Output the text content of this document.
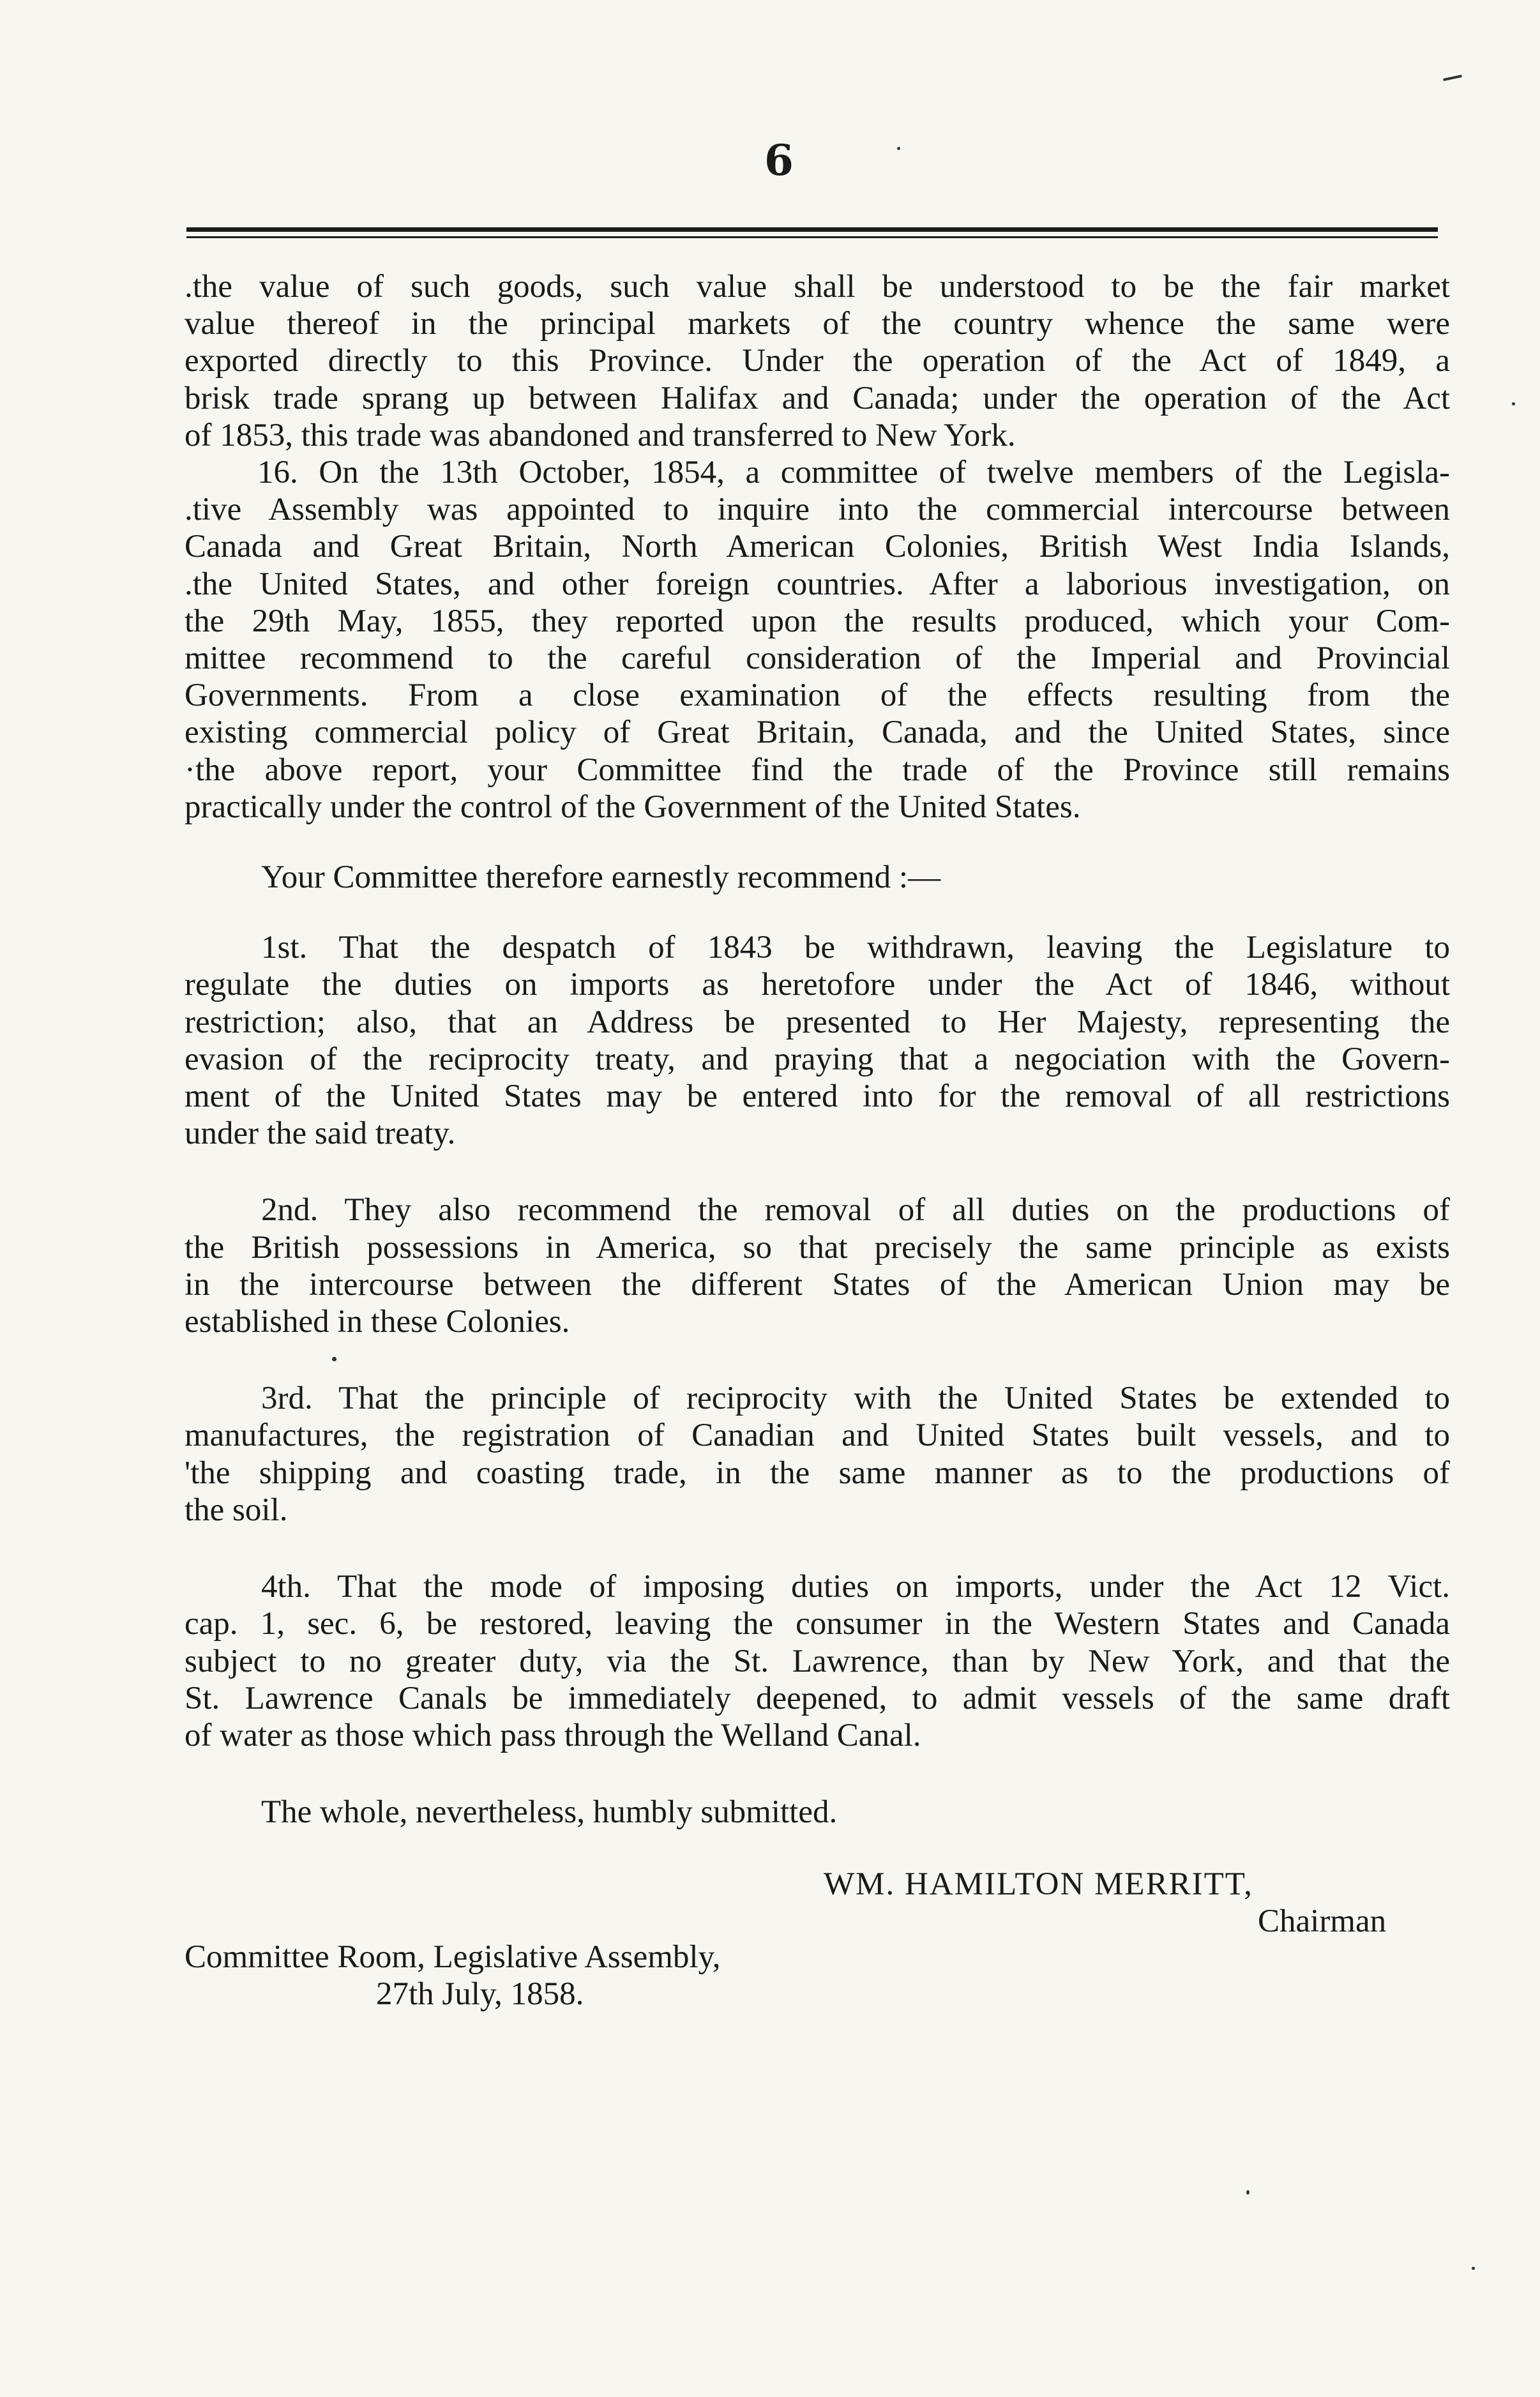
6
.the value of such goods, such value shall be understood to be the fair market
value thereof in the principal markets of the country whence the same were
exported directly to this Province. Under the operation of the Act of 1849, a
brisk trade sprang up between Halifax and Canada; under the operation of the Act
of 1853, this trade was abandoned and transferred to New York.
16. On the 13th October, 1854, a committee of twelve members of the Legisla-
.tive Assembly was appointed to inquire into the commercial intercourse between
Canada and Great Britain, North American Colonies, British West India Islands,
.the United States, and other foreign countries. After a laborious investigation, on
the 29th May, 1855, they reported upon the results produced, which your Com-
mittee recommend to the careful consideration of the Imperial and Provincial
Governments. From a close examination of the effects resulting from the
existing commercial policy of Great Britain, Canada, and the United States, since
·the above report, your Committee find the trade of the Province still remains
practically under the control of the Government of the United States.
Your Committee therefore earnestly recommend :—
1st. That the despatch of 1843 be withdrawn, leaving the Legislature to
regulate the duties on imports as heretofore under the Act of 1846, without
restriction; also, that an Address be presented to Her Majesty, representing the
evasion of the reciprocity treaty, and praying that a negociation with the Govern-
ment of the United States may be entered into for the removal of all restrictions
under the said treaty.
2nd. They also recommend the removal of all duties on the productions of
the British possessions in America, so that precisely the same principle as exists
in the intercourse between the different States of the American Union may be
established in these Colonies.
3rd. That the principle of reciprocity with the United States be extended to
manufactures, the registration of Canadian and United States built vessels, and to
'the shipping and coasting trade, in the same manner as to the productions of
the soil.
4th. That the mode of imposing duties on imports, under the Act 12 Vict.
cap. 1, sec. 6, be restored, leaving the consumer in the Western States and Canada
subject to no greater duty, via the St. Lawrence, than by New York, and that the
St. Lawrence Canals be immediately deepened, to admit vessels of the same draft
of water as those which pass through the Welland Canal.
The whole, nevertheless, humbly submitted.
WM. HAMILTON MERRITT,
Chairman
Committee Room, Legislative Assembly,
27th July, 1858.
